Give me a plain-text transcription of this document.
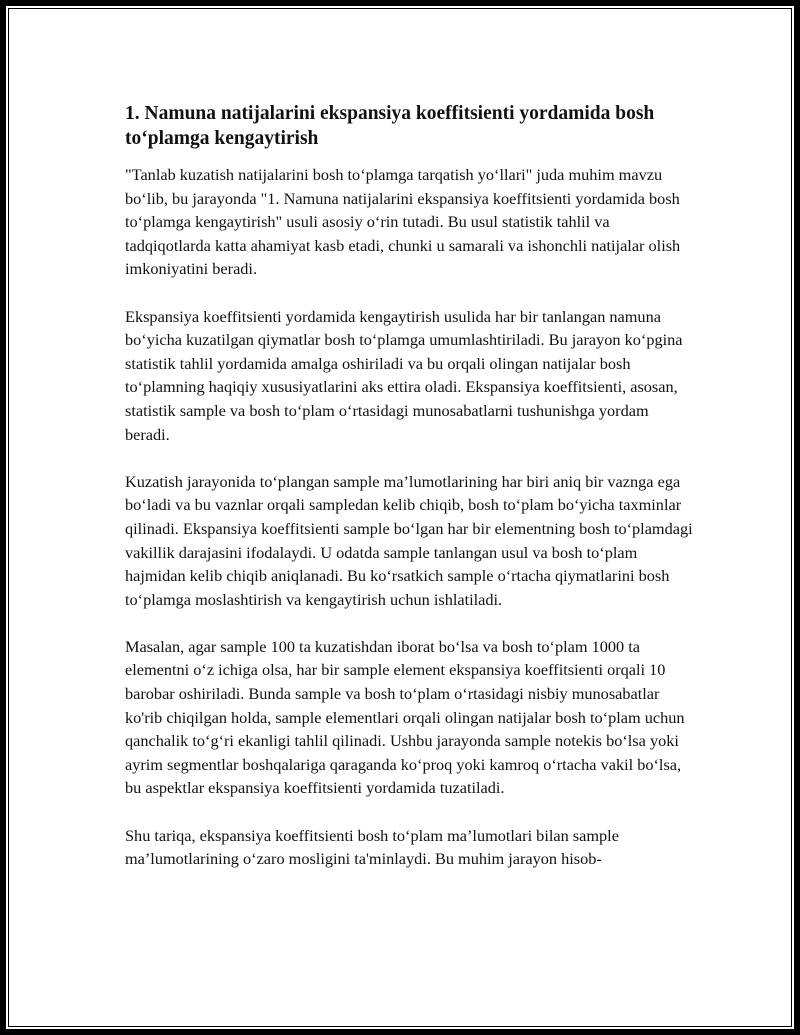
1. Namuna natijalarini ekspansiya koeffitsienti yordamida bosh to‘plamga kengaytirish

"Tanlab kuzatish natijalarini bosh to‘plamga tarqatish yo‘llari" juda muhim mavzu bo‘lib, bu jarayonda "1. Namuna natijalarini ekspansiya koeffitsienti yordamida bosh to‘plamga kengaytirish" usuli asosiy o‘rin tutadi. Bu usul statistik tahlil va tadqiqotlarda katta ahamiyat kasb etadi, chunki u samarali va ishonchli natijalar olish imkoniyatini beradi.

Ekspansiya koeffitsienti yordamida kengaytirish usulida har bir tanlangan namuna bo‘yicha kuzatilgan qiymatlar bosh to‘plamga umumlashtiriladi. Bu jarayon ko‘pgina statistik tahlil yordamida amalga oshiriladi va bu orqali olingan natijalar bosh to‘plamning haqiqiy xususiyatlarini aks ettira oladi. Ekspansiya koeffitsienti, asosan, statistik sample va bosh to‘plam o‘rtasidagi munosabatlarni tushunishga yordam beradi.

Kuzatish jarayonida to‘plangan sample ma’lumotlarining har biri aniq bir vazngа ega bo‘ladi va bu vaznlar orqali sampledan kelib chiqib, bosh to‘plam bo‘yicha taxminlar qilinadi. Ekspansiya koeffitsienti sample bo‘lgan har bir elementning bosh to‘plamdagi vakillik darajasini ifodalaydi. U odatda sample tanlangan usul va bosh to‘plam hajmidan kelib chiqib aniqlanadi. Bu ko‘rsatkich sample o‘rtacha qiymatlarini bosh to‘plamga moslashtirish va kengaytirish uchun ishlatiladi.

Masalan, agar sample 100 ta kuzatishdan iborat bo‘lsa va bosh to‘plam 1000 ta elementni o‘z ichiga olsa, har bir sample element ekspansiya koeffitsienti orqali 10 barobar oshiriladi. Bunda sample va bosh to‘plam o‘rtasidagi nisbiy munosabatlar ko'rib chiqilgan holda, sample elementlari orqali olingan natijalar bosh to‘plam uchun qanchalik to‘g‘ri ekanligi tahlil qilinadi. Ushbu jarayonda sample notekis bo‘lsa yoki ayrim segmentlar boshqalariga qaraganda ko‘proq yoki kamroq o‘rtacha vakil bo‘lsa, bu aspektlar ekspansiya koeffitsienti yordamida tuzatiladi.

Shu tariqa, ekspansiya koeffitsienti bosh to‘plam ma’lumotlari bilan sample ma’lumotlarining o‘zaro mosligini ta'minlaydi. Bu muhim jarayon hisob-
